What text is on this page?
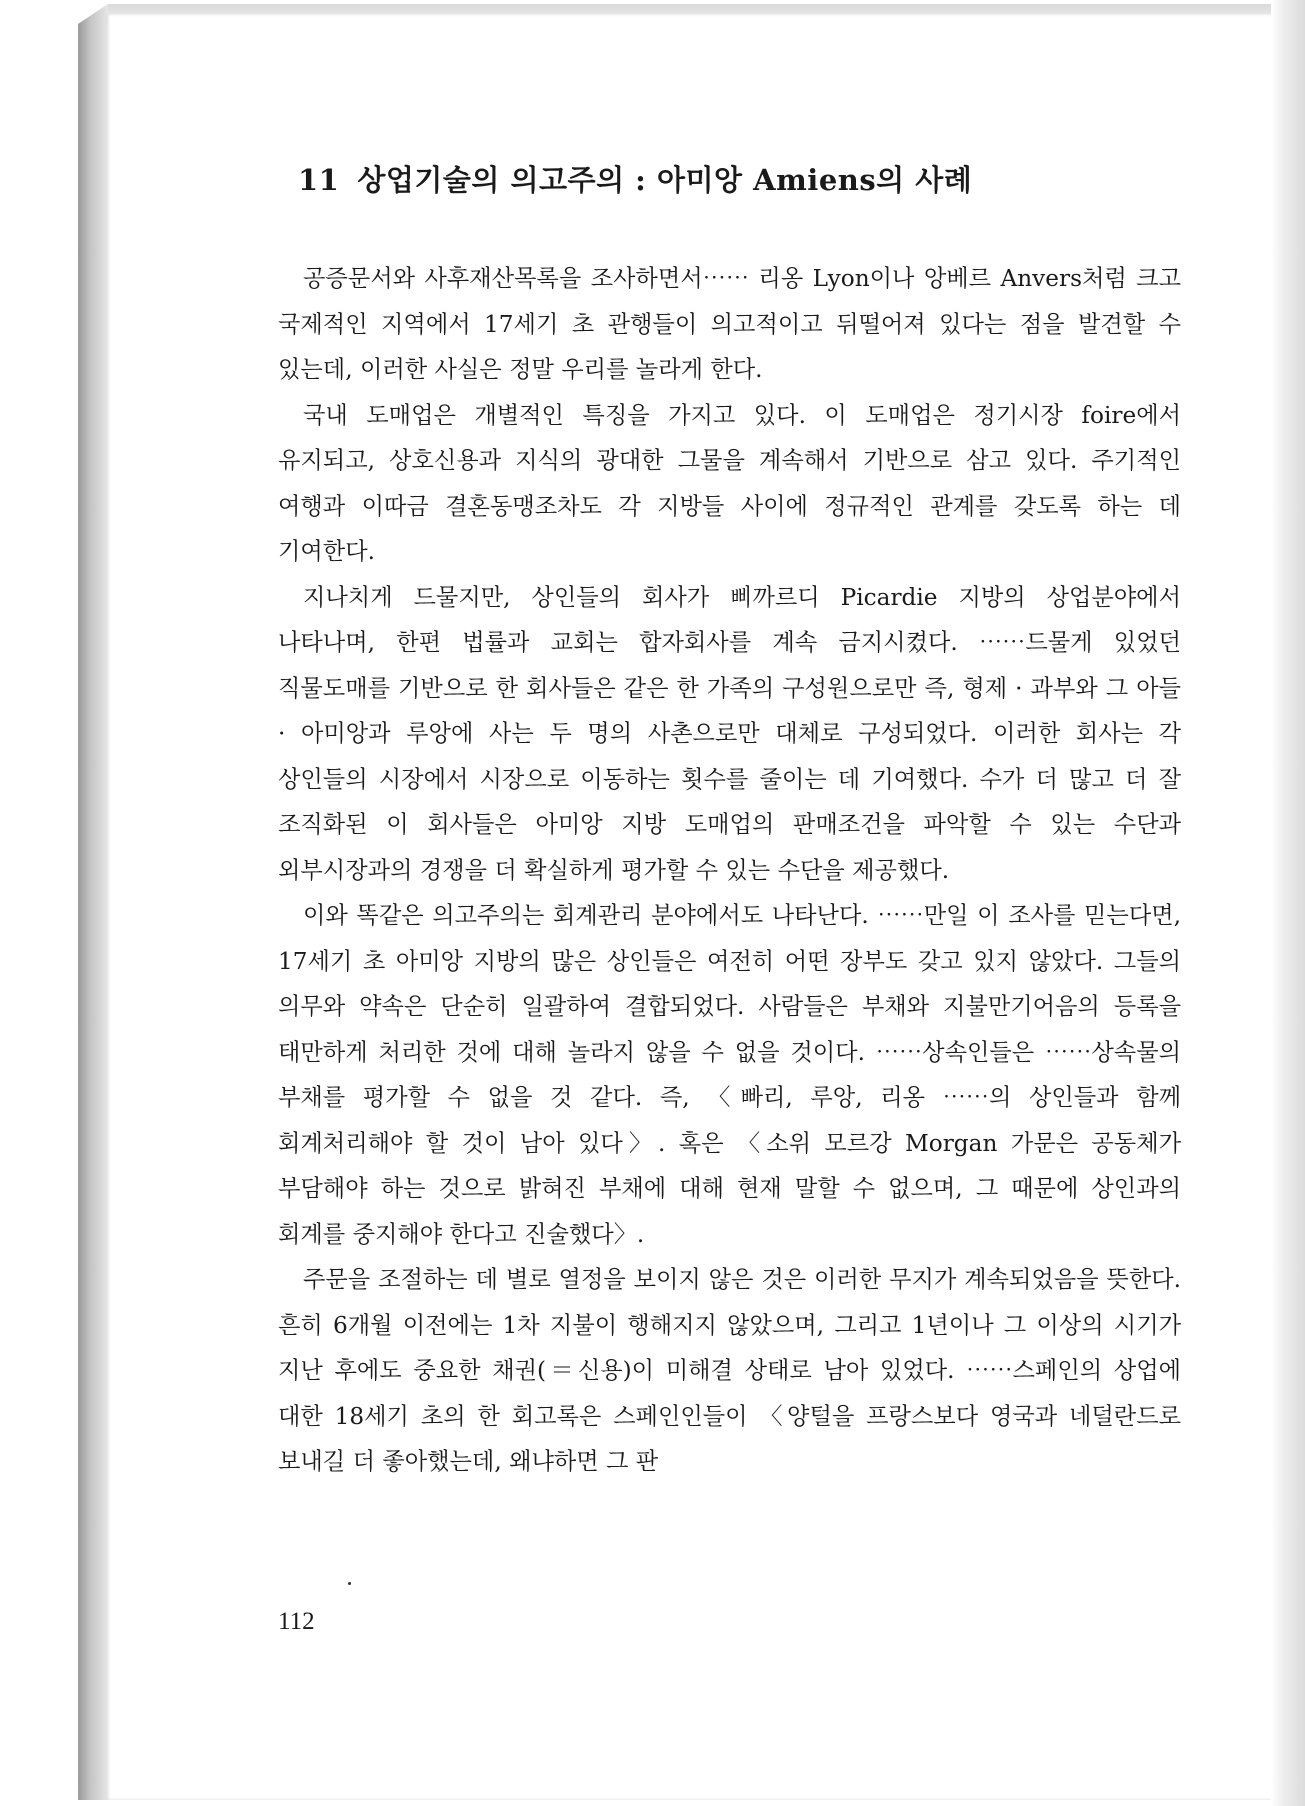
11 상업기술의 의고주의 : 아미앙 Amiens의 사례

공증문서와 사후재산목록을 조사하면서⋯⋯ 리옹 Lyon이나 앙베르 Anvers처럼 크고 국제적인 지역에서 17세기 초 관행들이 의고적이고 뒤떨어져 있다는 점을 발견할 수 있는데, 이러한 사실은 정말 우리를 놀라게 한다.

국내 도매업은 개별적인 특징을 가지고 있다. 이 도매업은 정기시장 foire에서 유지되고, 상호신용과 지식의 광대한 그물을 계속해서 기반으로 삼고 있다. 주기적인 여행과 이따금 결혼동맹조차도 각 지방들 사이에 정규적인 관계를 갖도록 하는 데 기여한다.

지나치게 드물지만, 상인들의 회사가 삐까르디 Picardie 지방의 상업분야에서 나타나며, 한편 법률과 교회는 합자회사를 계속 금지시켰다. ⋯⋯드물게 있었던 직물도매를 기반으로 한 회사들은 같은 한 가족의 구성원으로만 즉, 형제 · 과부와 그 아들 · 아미앙과 루앙에 사는 두 명의 사촌으로만 대체로 구성되었다. 이러한 회사는 각 상인들의 시장에서 시장으로 이동하는 횟수를 줄이는 데 기여했다. 수가 더 많고 더 잘 조직화된 이 회사들은 아미앙 지방 도매업의 판매조건을 파악할 수 있는 수단과 외부시장과의 경쟁을 더 확실하게 평가할 수 있는 수단을 제공했다.

이와 똑같은 의고주의는 회계관리 분야에서도 나타난다. ⋯⋯만일 이 조사를 믿는다면, 17세기 초 아미앙 지방의 많은 상인들은 여전히 어떤 장부도 갖고 있지 않았다. 그들의 의무와 약속은 단순히 일괄하여 결합되었다. 사람들은 부채와 지불만기어음의 등록을 태만하게 처리한 것에 대해 놀라지 않을 수 없을 것이다. ⋯⋯상속인들은 ⋯⋯상속물의 부채를 평가할 수 없을 것 같다. 즉, 〈빠리, 루앙, 리옹 ⋯⋯의 상인들과 함께 회계처리해야 할 것이 남아 있다〉. 혹은 〈소위 모르강 Morgan 가문은 공동체가 부담해야 하는 것으로 밝혀진 부채에 대해 현재 말할 수 없으며, 그 때문에 상인과의 회계를 중지해야 한다고 진술했다〉.

주문을 조절하는 데 별로 열정을 보이지 않은 것은 이러한 무지가 계속되었음을 뜻한다. 흔히 6개월 이전에는 1차 지불이 행해지지 않았으며, 그리고 1년이나 그 이상의 시기가 지난 후에도 중요한 채권(＝신용)이 미해결 상태로 남아 있었다. ⋯⋯스페인의 상업에 대한 18세기 초의 한 회고록은 스페인인들이 〈양털을 프랑스보다 영국과 네덜란드로 보내길 더 좋아했는데, 왜냐하면 그 판

112
